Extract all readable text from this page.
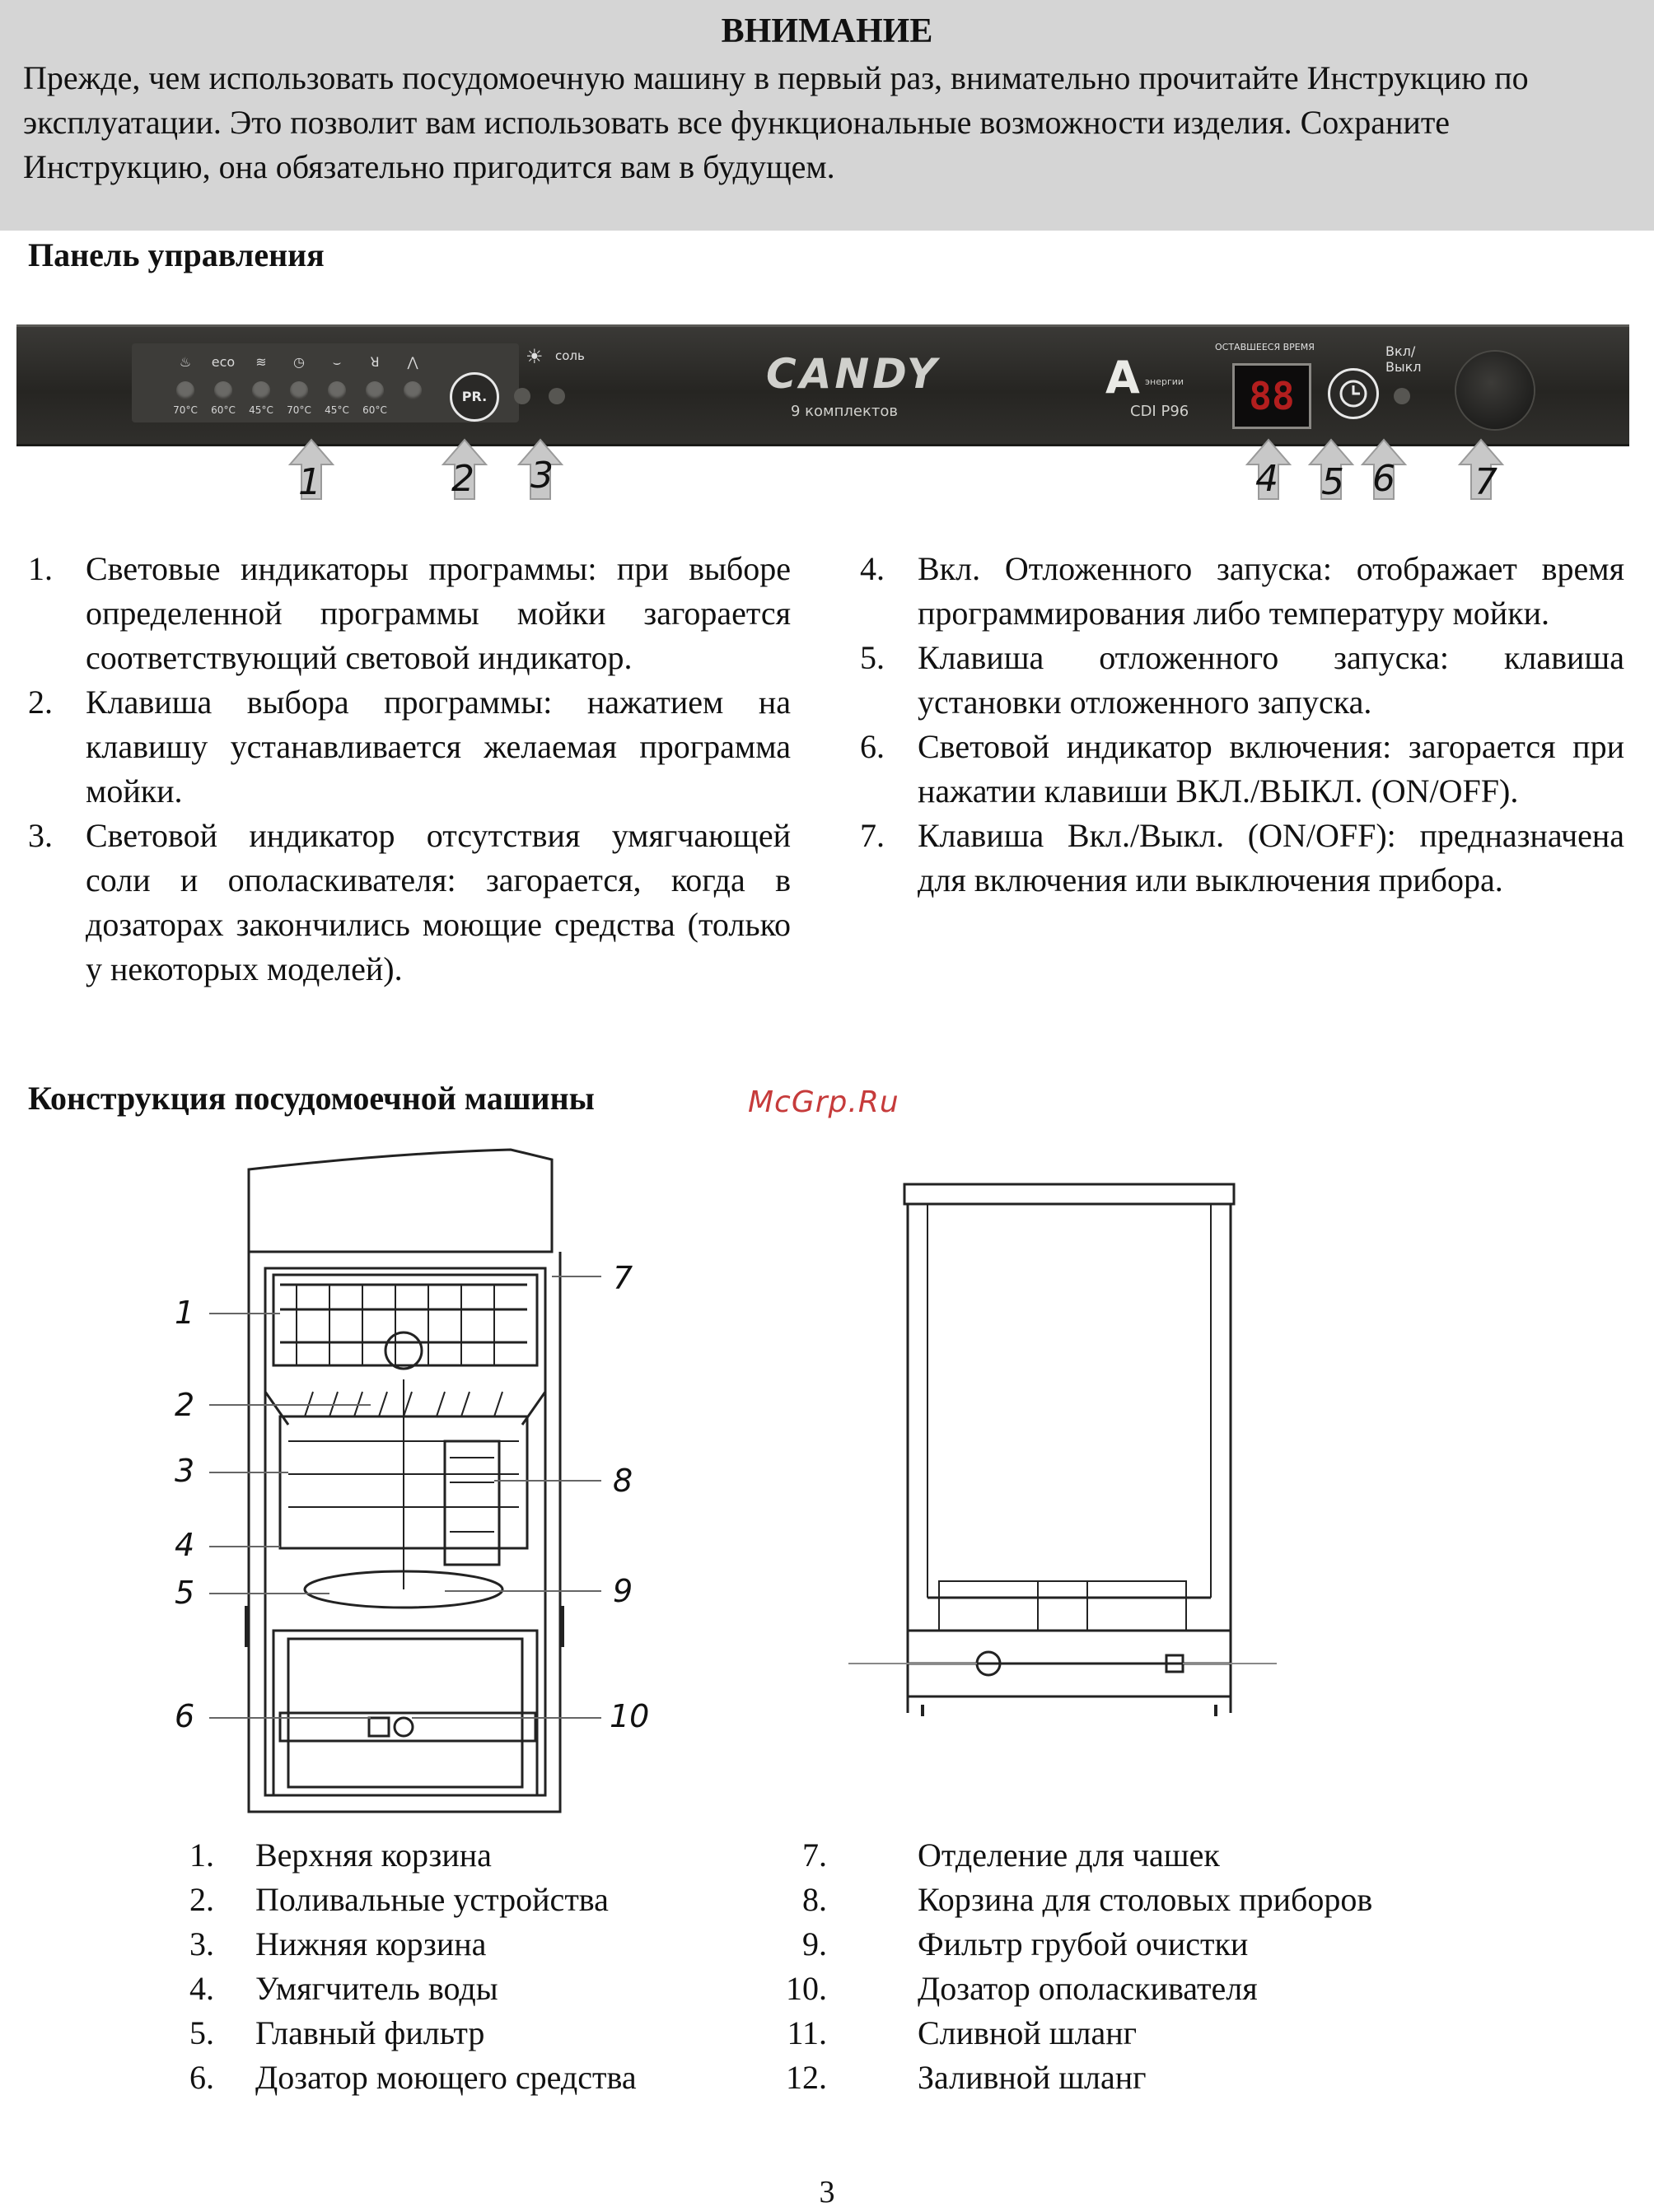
ВНИМАНИЕ
Прежде, чем использовать посудомоечную машину в первый раз, внимательно прочитайте Инструкцию по эксплуатации. Это позволит вам использовать все функциональные возможности изделия. Сохраните Инструкцию, она обязательно пригодится вам в будущем.
Панель управления
♨	eco	≋	◷	⌣	ꓤ	⋀
70°C	60°C	45°C	70°C	45°C	60°C
PR.
☀ соль	CANDY
9 комплектов
A энергии
CDI P96
ОСТАВШЕЕСЯ ВРЕМЯ
88
Вкл/
Выкл
1	2 3	4 5 6 7
1. Световые индикаторы программы: при выборе определенной программы мойки загорается соответствующий световой индикатор.
2. Клавиша выбора программы: нажатием на клавишу устанавливается желаемая программа мойки.
3. Световой индикатор отсутствия умягчающей соли и ополаскивателя: загорается, когда в дозаторах закончились моющие средства (только у некоторых моделей).
4. Вкл. Отложенного запуска: отображает время программирования либо температуру мойки.
5. Клавиша отложенного запуска: клавиша установки отложенного запуска.
6. Световой индикатор включения: загорается при нажатии клавиши ВКЛ./ВЫКЛ. (ON/OFF).
7. Клавиша Вкл./Выкл. (ON/OFF): предназначена для включения или выключения прибора.
Конструкция посудомоечной машины	McGrp.Ru
1
2
3
4
5
6
7
8
9
10
1. Верхняя корзина
2. Поливальные устройства
3. Нижняя корзина
4. Умягчитель воды
5. Главный фильтр
6. Дозатор моющего средства
7.	Отделение для чашек
8.	Корзина для столовых приборов
9.	Фильтр грубой очистки
10.	Дозатор ополаскивателя
11.	Сливной шланг
12.	Заливной шланг
3
